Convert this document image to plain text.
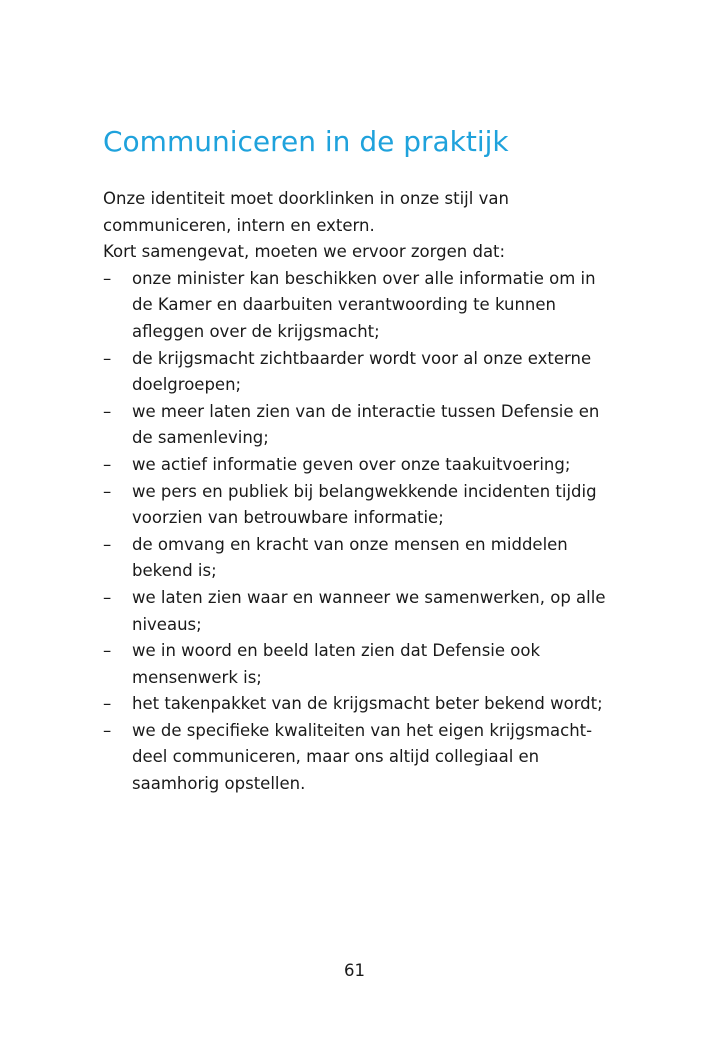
Communiceren in de praktijk

Onze identiteit moet doorklinken in onze stijl van
communiceren, intern en extern.
Kort samengevat, moeten we ervoor zorgen dat:

– onze minister kan beschikken over alle informatie om in
de Kamer en daarbuiten verantwoording te kunnen
afleggen over de krijgsmacht;
– de krijgsmacht zichtbaarder wordt voor al onze externe
doelgroepen;
– we meer laten zien van de interactie tussen Defensie en
de samenleving;
– we actief informatie geven over onze taakuitvoering;
– we pers en publiek bij belangwekkende incidenten tijdig
voorzien van betrouwbare informatie;
– de omvang en kracht van onze mensen en middelen
bekend is;
– we laten zien waar en wanneer we samenwerken, op alle
niveaus;
– we in woord en beeld laten zien dat Defensie ook
mensenwerk is;
– het takenpakket van de krijgsmacht beter bekend wordt;
– we de specifieke kwaliteiten van het eigen krijgsmacht-
deel communiceren, maar ons altijd collegiaal en
saamhorig opstellen.
61
